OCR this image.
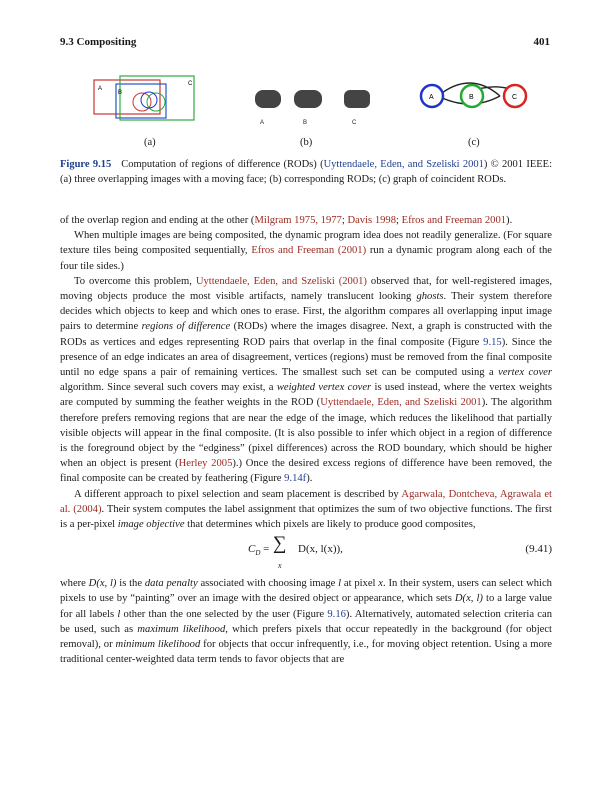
9.3 Compositing	401
A
B
C
A	B	C
A	B	C
(a)	(b)	(c)
Figure 9.15 Computation of regions of difference (RODs) (Uyttendaele, Eden, and Szeliski 2001) © 2001 IEEE: (a) three overlapping images with a moving face; (b) corresponding RODs; (c) graph of coincident RODs.

of the overlap region and ending at the other (Milgram 1975, 1977; Davis 1998; Efros and Freeman 2001).

When multiple images are being composited, the dynamic program idea does not readily generalize. (For square texture tiles being composited sequentially, Efros and Freeman (2001) run a dynamic program along each of the four tile sides.)

To overcome this problem, Uyttendaele, Eden, and Szeliski (2001) observed that, for well-registered images, moving objects produce the most visible artifacts, namely translucent looking ghosts. Their system therefore decides which objects to keep and which ones to erase. First, the algorithm compares all overlapping input image pairs to determine regions of difference (RODs) where the images disagree. Next, a graph is constructed with the RODs as vertices and edges representing ROD pairs that overlap in the final composite (Figure 9.15). Since the presence of an edge indicates an area of disagreement, vertices (regions) must be removed from the final composite until no edge spans a pair of remaining vertices. The smallest such set can be computed using a vertex cover algorithm. Since several such covers may exist, a weighted vertex cover is used instead, where the vertex weights are computed by summing the feather weights in the ROD (Uyttendaele, Eden, and Szeliski 2001). The algorithm therefore prefers removing regions that are near the edge of the image, which reduces the likelihood that partially visible objects will appear in the final composite. (It is also possible to infer which object in a region of difference is the foreground object by the “edginess” (pixel differences) across the ROD boundary, which should be higher when an object is present (Herley 2005).) Once the desired excess regions of difference have been removed, the final composite can be created by feathering (Figure 9.14f).

A different approach to pixel selection and seam placement is described by Agarwala, Dontcheva, Agrawala et al. (2004). Their system computes the label assignment that optimizes the sum of two objective functions. The first is a per-pixel image objective that determines which pixels are likely to produce good composites,

$C_D$ = ∑
x
D(x, l(x)),	(9.41)

where D(x, l) is the data penalty associated with choosing image l at pixel x. In their system, users can select which pixels to use by “painting” over an image with the desired object or appearance, which sets D(x, l) to a large value for all labels l other than the one selected by the user (Figure 9.16). Alternatively, automated selection criteria can be used, such as maximum likelihood, which prefers pixels that occur repeatedly in the background (for object removal), or minimum likelihood for objects that occur infrequently, i.e., for moving object retention. Using a more traditional center-weighted data term tends to favor objects that are
